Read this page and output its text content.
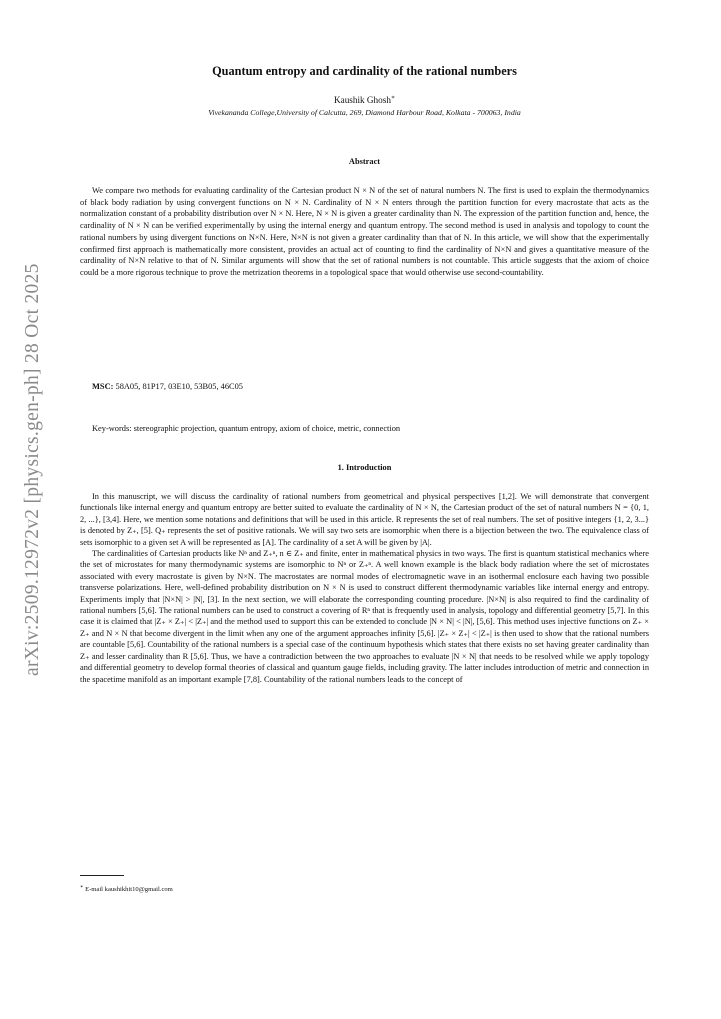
arXiv:2509.12972v2 [physics.gen-ph] 28 Oct 2025
Quantum entropy and cardinality of the rational numbers
Kaushik Ghosh∗
Vivekananda College,University of Calcutta, 269, Diamond Harbour Road, Kolkata - 700063, India
Abstract
We compare two methods for evaluating cardinality of the Cartesian product N × N of the set of natural numbers N. The first is used to explain the thermodynamics of black body radiation by using convergent functions on N × N. Cardinality of N × N enters through the partition function for every macrostate that acts as the normalization constant of a probability distribution over N × N. Here, N × N is given a greater cardinality than N. The expression of the partition function and, hence, the cardinality of N × N can be verified experimentally by using the internal energy and quantum entropy. The second method is used in analysis and topology to count the rational numbers by using divergent functions on N×N. Here, N×N is not given a greater cardinality than that of N. In this article, we will show that the experimentally confirmed first approach is mathematically more consistent, provides an actual act of counting to find the cardinality of N×N and gives a quantitative measure of the cardinality of N×N relative to that of N. Similar arguments will show that the set of rational numbers is not countable. This article suggests that the axiom of choice could be a more rigorous technique to prove the metrization theorems in a topological space that would otherwise use second-countability.
MSC: 58A05, 81P17, 03E10, 53B05, 46C05
Key-words: stereographic projection, quantum entropy, axiom of choice, metric, connection
1. Introduction

In this manuscript, we will discuss the cardinality of rational numbers from geometrical and physical perspectives [1,2]. We will demonstrate that convergent functionals like internal energy and quantum entropy are better suited to evaluate the cardinality of N × N, the Cartesian product of the set of natural numbers N = {0, 1, 2, ...}, [3,4]. Here, we mention some notations and definitions that will be used in this article. R represents the set of real numbers. The set of positive integers {1, 2, 3...} is denoted by Z₊, [5]. Q₊ represents the set of positive rationals. We will say two sets are isomorphic when there is a bijection between the two. The equivalence class of sets isomorphic to a given set A will be represented as [A]. The cardinality of a set A will be given by |A|.

The cardinalities of Cartesian products like Nⁿ and Z₊ⁿ, n ∈ Z₊ and finite, enter in mathematical physics in two ways. The first is quantum statistical mechanics where the set of microstates for many thermodynamic systems are isomorphic to Nⁿ or Z₊ⁿ. A well known example is the black body radiation where the set of microstates associated with every macrostate is given by N×N. The macrostates are normal modes of electromagnetic wave in an isothermal enclosure each having two possible transverse polarizations. Here, well-defined probability distribution on N × N is used to construct different thermodynamic variables like internal energy and entropy. Experiments imply that |N×N| > |N|, [3]. In the next section, we will elaborate the corresponding counting procedure. |N×N| is also required to find the cardinality of rational numbers [5,6]. The rational numbers can be used to construct a covering of Rⁿ that is frequently used in analysis, topology and differential geometry [5,7]. In this case it is claimed that |Z₊ × Z₊| < |Z₊| and the method used to support this can be extended to conclude |N × N| < |N|, [5,6]. This method uses injective functions on Z₊ × Z₊ and N × N that become divergent in the limit when any one of the argument approaches infinity [5,6]. |Z₊ × Z₊| < |Z₊| is then used to show that the rational numbers are countable [5,6]. Countability of the rational numbers is a special case of the continuum hypothesis which states that there exists no set having greater cardinality than Z₊ and lesser cardinality than R [5,6]. Thus, we have a contradiction between the two approaches to evaluate |N × N| that needs to be resolved while we apply topology and differential geometry to develop formal theories of classical and quantum gauge fields, including gravity. The latter includes introduction of metric and connection in the spacetime manifold as an important example [7,8]. Countability of the rational numbers leads to the concept of

∗ E-mail kaushikhit10@gmail.com
